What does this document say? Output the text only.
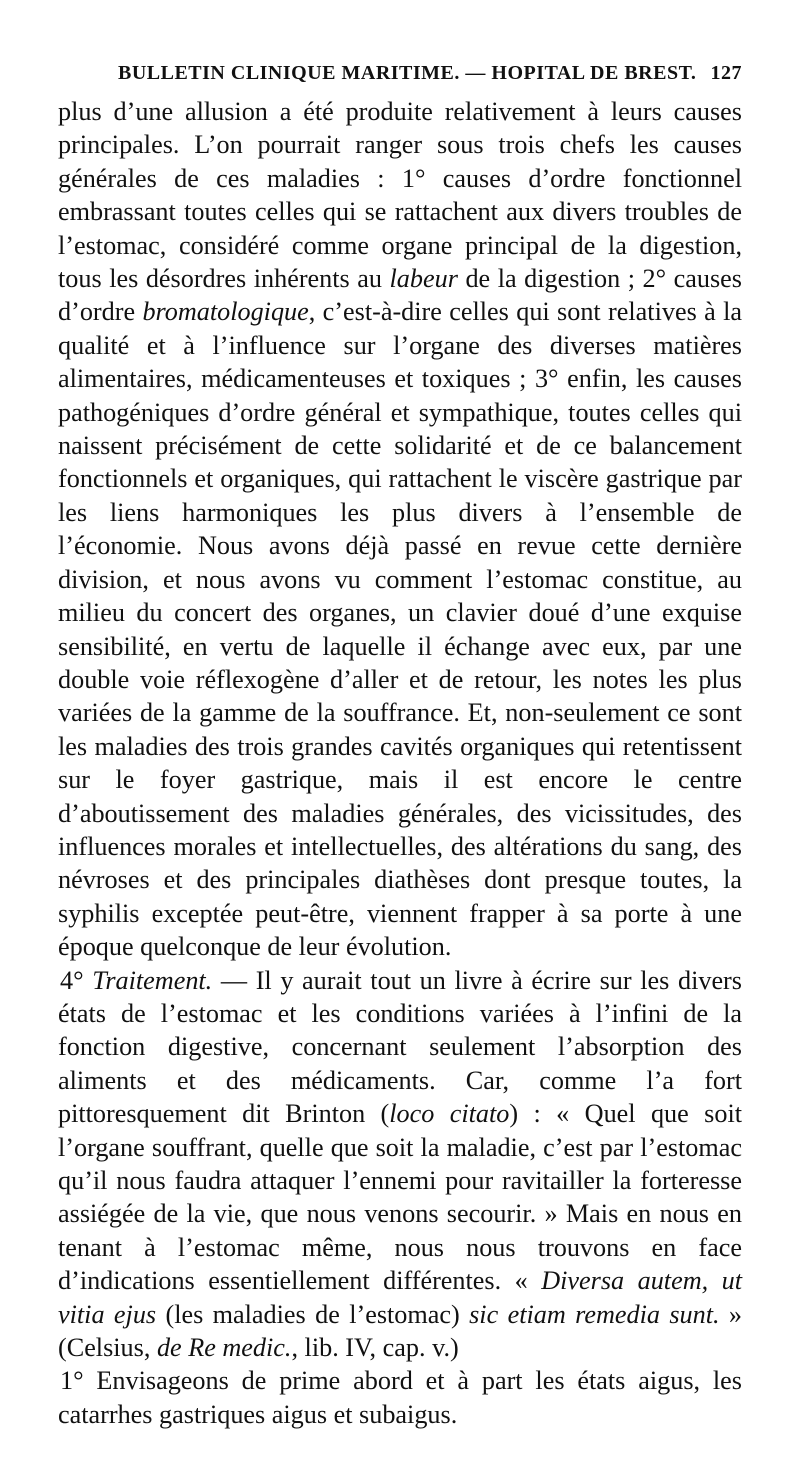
BULLETIN CLINIQUE MARITIME. — HOPITAL DE BREST. 127

plus d’une allusion a été produite relativement à leurs causes principales. L’on pourrait ranger sous trois chefs les causes générales de ces maladies : 1° causes d’ordre fonctionnel embrassant toutes celles qui se rattachent aux divers troubles de l’estomac, considéré comme organe principal de la digestion, tous les désordres inhérents au labeur de la digestion ; 2° causes d’ordre bromatologique, c’est-à-dire celles qui sont relatives à la qualité et à l’influence sur l’organe des diverses matières alimentaires, médicamenteuses et toxiques ; 3° enfin, les causes pathogéniques d’ordre général et sympathique, toutes celles qui naissent précisément de cette solidarité et de ce balancement fonctionnels et organiques, qui rattachent le viscère gastrique par les liens harmoniques les plus divers à l’ensemble de l’économie. Nous avons déjà passé en revue cette dernière division, et nous avons vu comment l’estomac constitue, au milieu du concert des organes, un clavier doué d’une exquise sensibilité, en vertu de laquelle il échange avec eux, par une double voie réflexogène d’aller et de retour, les notes les plus variées de la gamme de la souffrance. Et, non-seulement ce sont les maladies des trois grandes cavités organiques qui retentissent sur le foyer gastrique, mais il est encore le centre d’aboutissement des maladies générales, des vicissitudes, des influences morales et intellectuelles, des altérations du sang, des névroses et des principales diathèses dont presque toutes, la syphilis exceptée peut-être, viennent frapper à sa porte à une époque quelconque de leur évolution.

4° Traitement. — Il y aurait tout un livre à écrire sur les divers états de l’estomac et les conditions variées à l’infini de la fonction digestive, concernant seulement l’absorption des aliments et des médicaments. Car, comme l’a fort pittoresquement dit Brinton (loco citato) : « Quel que soit l’organe souffrant, quelle que soit la maladie, c’est par l’estomac qu’il nous faudra attaquer l’ennemi pour ravitailler la forteresse assiégée de la vie, que nous venons secourir. » Mais en nous en tenant à l’estomac même, nous nous trouvons en face d’indications essentiellement différentes. « Diversa autem, ut vitia ejus (les maladies de l’estomac) sic etiam remedia sunt. » (Celsius, de Re medic., lib. IV, cap. v.)

1° Envisageons de prime abord et à part les états aigus, les catarrhes gastriques aigus et subaigus.
